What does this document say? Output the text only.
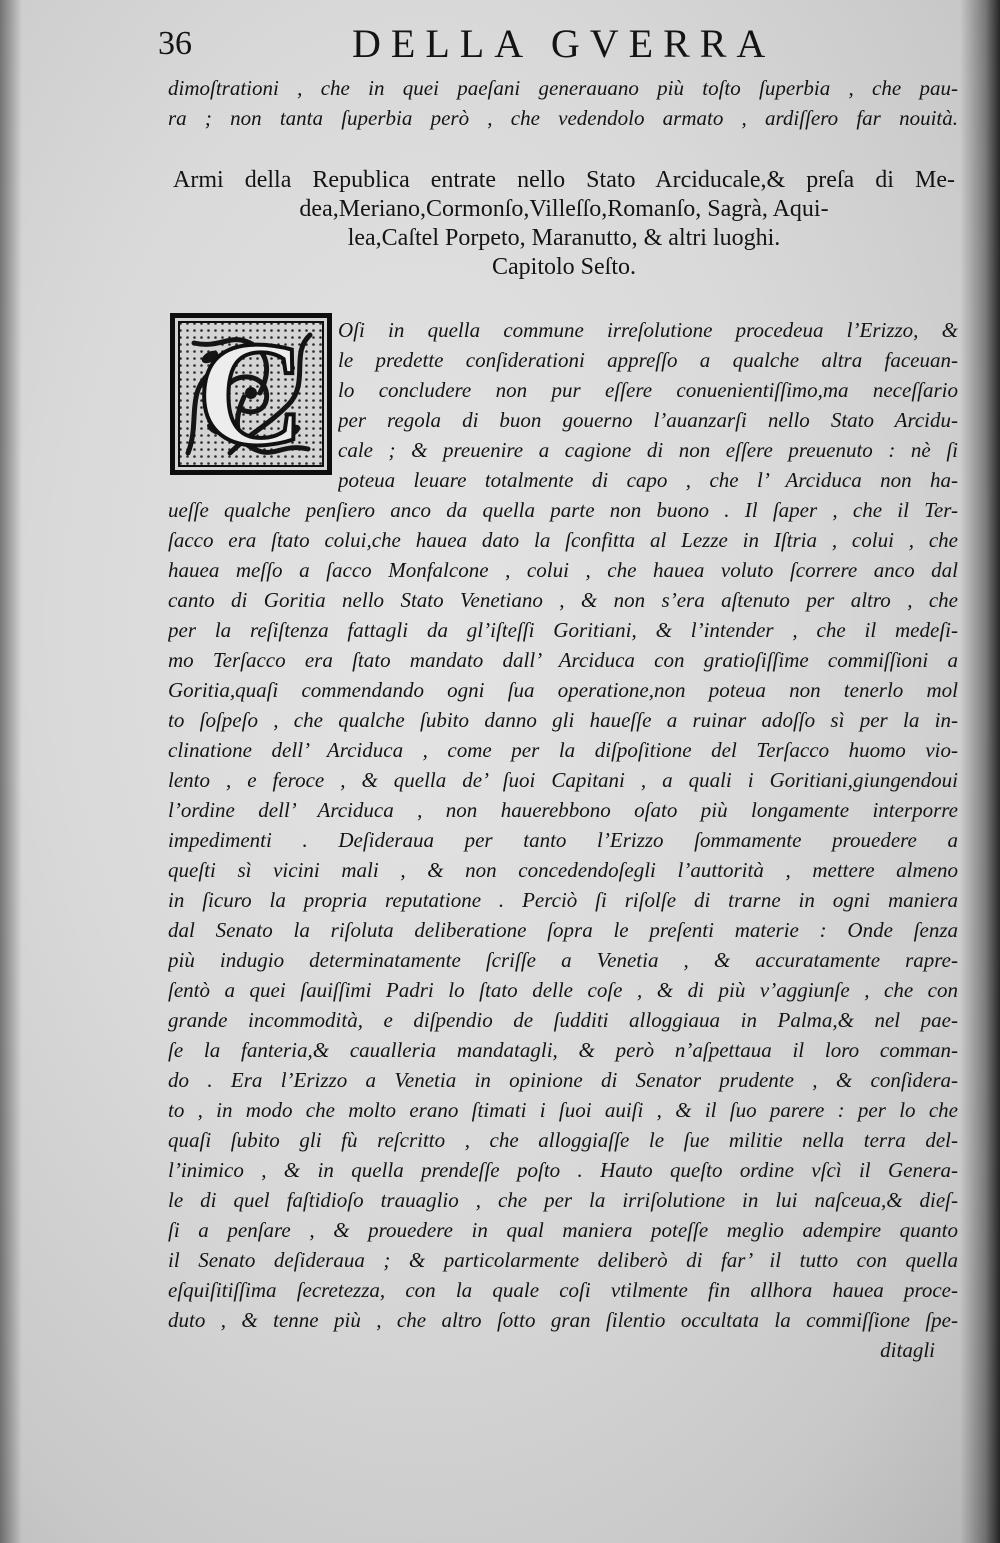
36	DELLA GVERRA
dimoſtrationi , che in quei paeſani generauano più toſto ſuperbia , che pau-
ra ; non tanta ſuperbia però , che vedendolo armato , ardiſſero far nouità.
Armi della Republica entrate nello Stato Arciducale,& preſa di Me-
dea,Meriano,Cormonſo,Villeſſo,Romanſo, Sagrà, Aqui-
lea,Caſtel Porpeto, Maranutto, & altri luoghi.
Capitolo Seſto.
C	Oſi in quella commune irreſolutione procedeua l’Erizzo, &
le predette conſiderationi appreſſo a qualche altra faceuan-
lo concludere non pur eſſere conuenientiſſimo,ma neceſſario
per regola di buon gouerno l’auanzarſi nello Stato Arcidu-
cale ; & preuenire a cagione di non eſſere preuenuto : nè ſi
poteua leuare totalmente di capo , che l’ Arciduca non ha-
ueſſe qualche penſiero anco da quella parte non buono . Il ſaper , che il Ter-
ſacco era ſtato colui,che hauea dato la ſconfitta al Lezze in Iſtria , colui , che
hauea meſſo a ſacco Monfalcone , colui , che hauea voluto ſcorrere anco dal
canto di Goritia nello Stato Venetiano , & non s’era aſtenuto per altro , che
per la reſiſtenza fattagli da gl’iſteſſi Goritiani, & l’intender , che il medeſi-
mo Terſacco era ſtato mandato dall’ Arciduca con gratioſiſſime commiſſioni a
Goritia,quaſi commendando ogni ſua operatione,non poteua non tenerlo mol
to ſoſpeſo , che qualche ſubito danno gli haueſſe a ruinar adoſſo sì per la in-
clinatione dell’ Arciduca , come per la diſpoſitione del Terſacco huomo vio-
lento , e feroce , & quella de’ ſuoi Capitani , a quali i Goritiani,giungendoui
l’ordine dell’ Arciduca , non hauerebbono oſato più longamente interporre
impedimenti . Deſideraua per tanto l’Erizzo ſommamente prouedere a
queſti sì vicini mali , & non concedendoſegli l’auttorità , mettere almeno
in ſicuro la propria reputatione . Perciò ſi riſolſe di trarne in ogni maniera
dal Senato la riſoluta deliberatione ſopra le preſenti materie : Onde ſenza
più indugio determinatamente ſcriſſe a Venetia , & accuratamente rapre-
ſentò a quei ſauiſſimi Padri lo ſtato delle coſe , & di più v’aggiunſe , che con
grande incommodità, e diſpendio de ſudditi alloggiaua in Palma,& nel pae-
ſe la fanteria,& caualleria mandatagli, & però n’aſpettaua il loro comman-
do . Era l’Erizzo a Venetia in opinione di Senator prudente , & conſidera-
to , in modo che molto erano ſtimati i ſuoi auiſi , & il ſuo parere : per lo che
quaſi ſubito gli fù reſcritto , che alloggiaſſe le ſue militie nella terra del-
l’inimico , & in quella prendeſſe poſto . Hauto queſto ordine vſcì il Genera-
le di quel faſtidioſo trauaglio , che per la irriſolutione in lui naſceua,& dieſ-
ſi a penſare , & prouedere in qual maniera poteſſe meglio adempire quanto
il Senato deſideraua ; & particolarmente deliberò di far’ il tutto con quella
eſquiſitiſſima ſecretezza, con la quale coſi vtilmente fin allhora hauea proce-
duto , & tenne più , che altro ſotto gran ſilentio occultata la commiſſione ſpe-
ditagli
